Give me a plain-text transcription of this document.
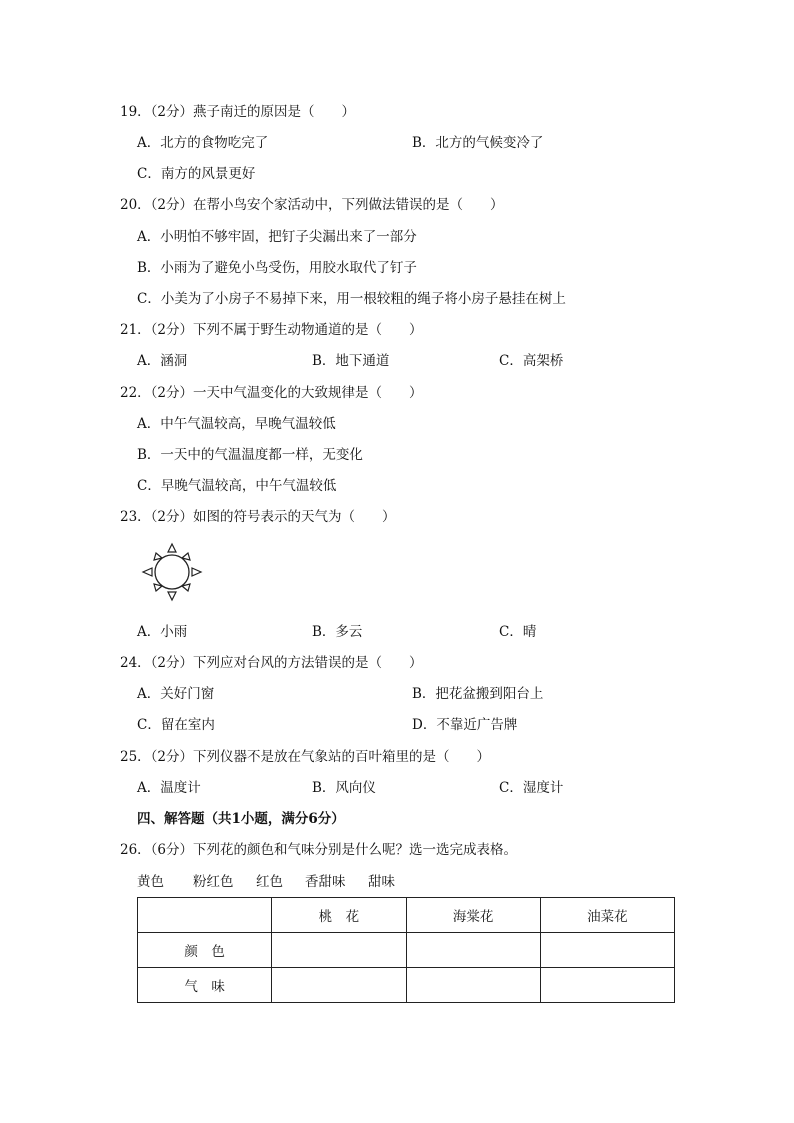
19．（2分）燕子南迁的原因是（　　）
A．北方的食物吃完了	B．北方的气候变冷了
C．南方的风景更好
20．（2分）在帮小鸟安个家活动中，下列做法错误的是（　　）
A．小明怕不够牢固，把钉子尖漏出来了一部分
B．小雨为了避免小鸟受伤，用胶水取代了钉子
C．小美为了小房子不易掉下来，用一根较粗的绳子将小房子悬挂在树上
21．（2分）下列不属于野生动物通道的是（　　）
A．涵洞	B．地下通道	C．高架桥
22．（2分）一天中气温变化的大致规律是（　　）
A．中午气温较高，早晚气温较低
B．一天中的气温温度都一样，无变化
C．早晚气温较高，中午气温较低
23．（2分）如图的符号表示的天气为（　　）
A．小雨	B．多云	C．晴
24．（2分）下列应对台风的方法错误的是（　　）
A．关好门窗	B．把花盆搬到阳台上
C．留在室内	D．不靠近广告牌
25．（2分）下列仪器不是放在气象站的百叶箱里的是（　　）
A．温度计	B．风向仪	C．湿度计
四、解答题（共1小题，满分6分）
26．（6分）下列花的颜色和气味分别是什么呢？选一选完成表格。
黄色 粉红色 红色 香甜味 甜味
	桃　花	海棠花	油菜花
颜　色			
气　味			
